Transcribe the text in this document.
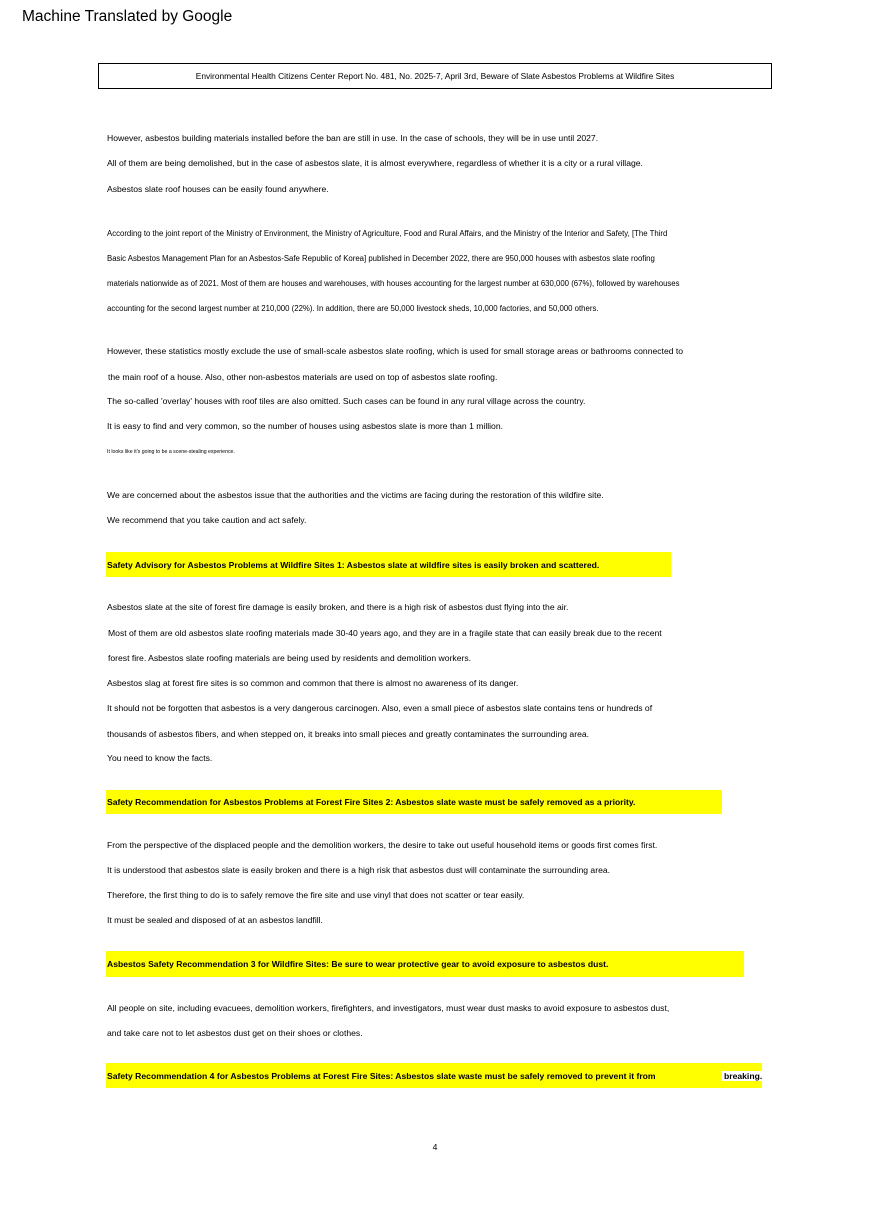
Machine Translated by Google
Environmental Health Citizens Center Report No. 481, No. 2025-7, April 3rd, Beware of Slate Asbestos Problems at Wildfire Sites
However, asbestos building materials installed before the ban are still in use. In the case of schools, they will be in use until 2027.
All of them are being demolished, but in the case of asbestos slate, it is almost everywhere, regardless of whether it is a city or a rural village.
Asbestos slate roof houses can be easily found anywhere.
According to the joint report of the Ministry of Environment, the Ministry of Agriculture, Food and Rural Affairs, and the Ministry of the Interior and Safety, [The Third
Basic Asbestos Management Plan for an Asbestos-Safe Republic of Korea] published in December 2022, there are 950,000 houses with asbestos slate roofing
materials nationwide as of 2021. Most of them are houses and warehouses, with houses accounting for the largest number at 630,000 (67%), followed by warehouses
accounting for the second largest number at 210,000 (22%). In addition, there are 50,000 livestock sheds, 10,000 factories, and 50,000 others.
However, these statistics mostly exclude the use of small-scale asbestos slate roofing, which is used for small storage areas or bathrooms connected to
the main roof of a house. Also, other non-asbestos materials are used on top of asbestos slate roofing.
The so-called 'overlay' houses with roof tiles are also omitted. Such cases can be found in any rural village across the country.
It is easy to find and very common, so the number of houses using asbestos slate is more than 1 million.
It looks like it's going to be a scene-stealing experience.
We are concerned about the asbestos issue that the authorities and the victims are facing during the restoration of this wildfire site.
We recommend that you take caution and act safely.
Safety Advisory for Asbestos Problems at Wildfire Sites 1: Asbestos slate at wildfire sites is easily broken and scattered.
Asbestos slate at the site of forest fire damage is easily broken, and there is a high risk of asbestos dust flying into the air.
Most of them are old asbestos slate roofing materials made 30-40 years ago, and they are in a fragile state that can easily break due to the recent
forest fire. Asbestos slate roofing materials are being used by residents and demolition workers.
Asbestos slag at forest fire sites is so common and common that there is almost no awareness of its danger.
It should not be forgotten that asbestos is a very dangerous carcinogen. Also, even a small piece of asbestos slate contains tens or hundreds of
thousands of asbestos fibers, and when stepped on, it breaks into small pieces and greatly contaminates the surrounding area.
You need to know the facts.
Safety Recommendation for Asbestos Problems at Forest Fire Sites 2: Asbestos slate waste must be safely removed as a priority.
From the perspective of the displaced people and the demolition workers, the desire to take out useful household items or goods first comes first.
It is understood that asbestos slate is easily broken and there is a high risk that asbestos dust will contaminate the surrounding area.
Therefore, the first thing to do is to safely remove the fire site and use vinyl that does not scatter or tear easily.
It must be sealed and disposed of at an asbestos landfill.
Asbestos Safety Recommendation 3 for Wildfire Sites: Be sure to wear protective gear to avoid exposure to asbestos dust.
All people on site, including evacuees, demolition workers, firefighters, and investigators, must wear dust masks to avoid exposure to asbestos dust,
and take care not to let asbestos dust get on their shoes or clothes.
Safety Recommendation 4 for Asbestos Problems at Forest Fire Sites: Asbestos slate waste must be safely removed to prevent it from	breaking.
4
